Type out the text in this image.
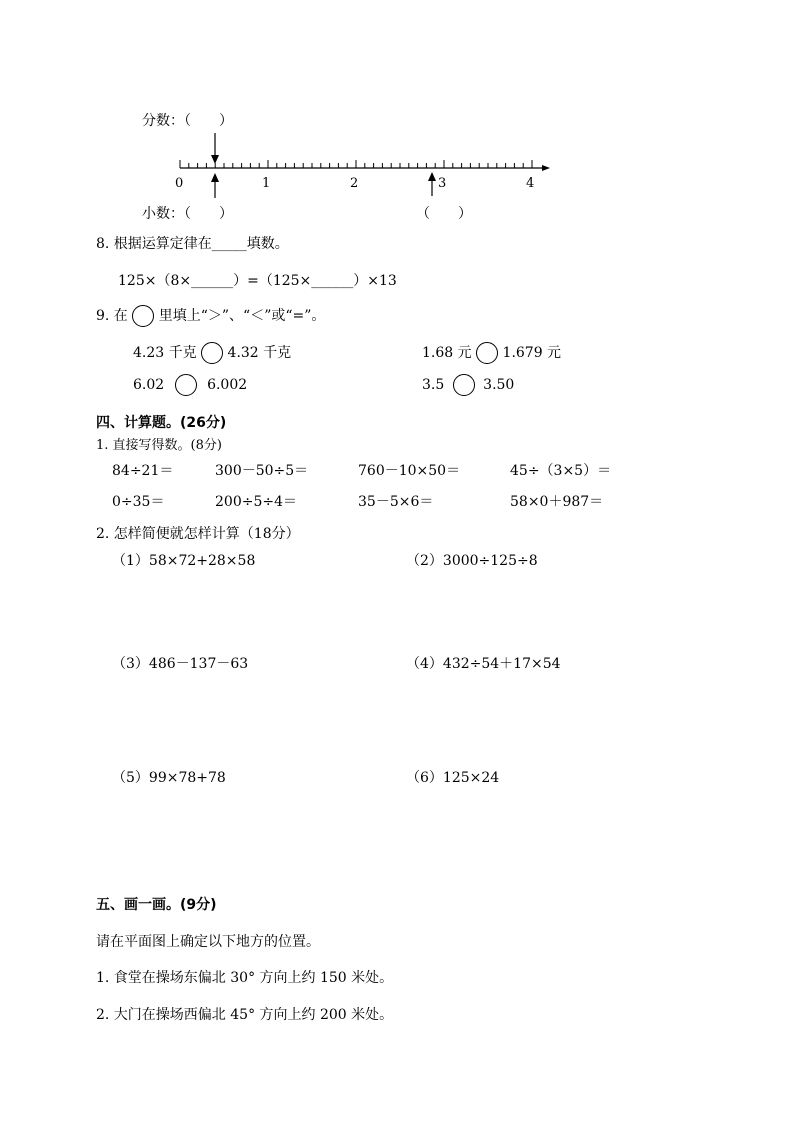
分数：（　　）
0	1	2	3	4
小数：（　　）	（　　）
8. 根据运算定律在_____填数。
125×（8×______）=（125×______）×13
9. 在 里填上“＞”、“＜”或“=”。
4.23 千克 4.32 千克	1.68 元 1.679 元
6.02	6.002	3.5	3.50
四、计算题。(26分)
1. 直接写得数。(8分)
84÷21＝	300－50÷5＝	760－10×50＝	45÷（3×5）＝
0÷35＝	200÷5÷4＝	35－5×6＝	58×0＋987＝
2. 怎样简便就怎样计算（18分）
（1）58×72+28×58	（2）3000÷125÷8
（3）486－137－63	（4）432÷54＋17×54
（5）99×78+78	（6）125×24
五、画一画。(9分)
请在平面图上确定以下地方的位置。
1. 食堂在操场东偏北 30° 方向上约 150 米处。
2. 大门在操场西偏北 45° 方向上约 200 米处。
